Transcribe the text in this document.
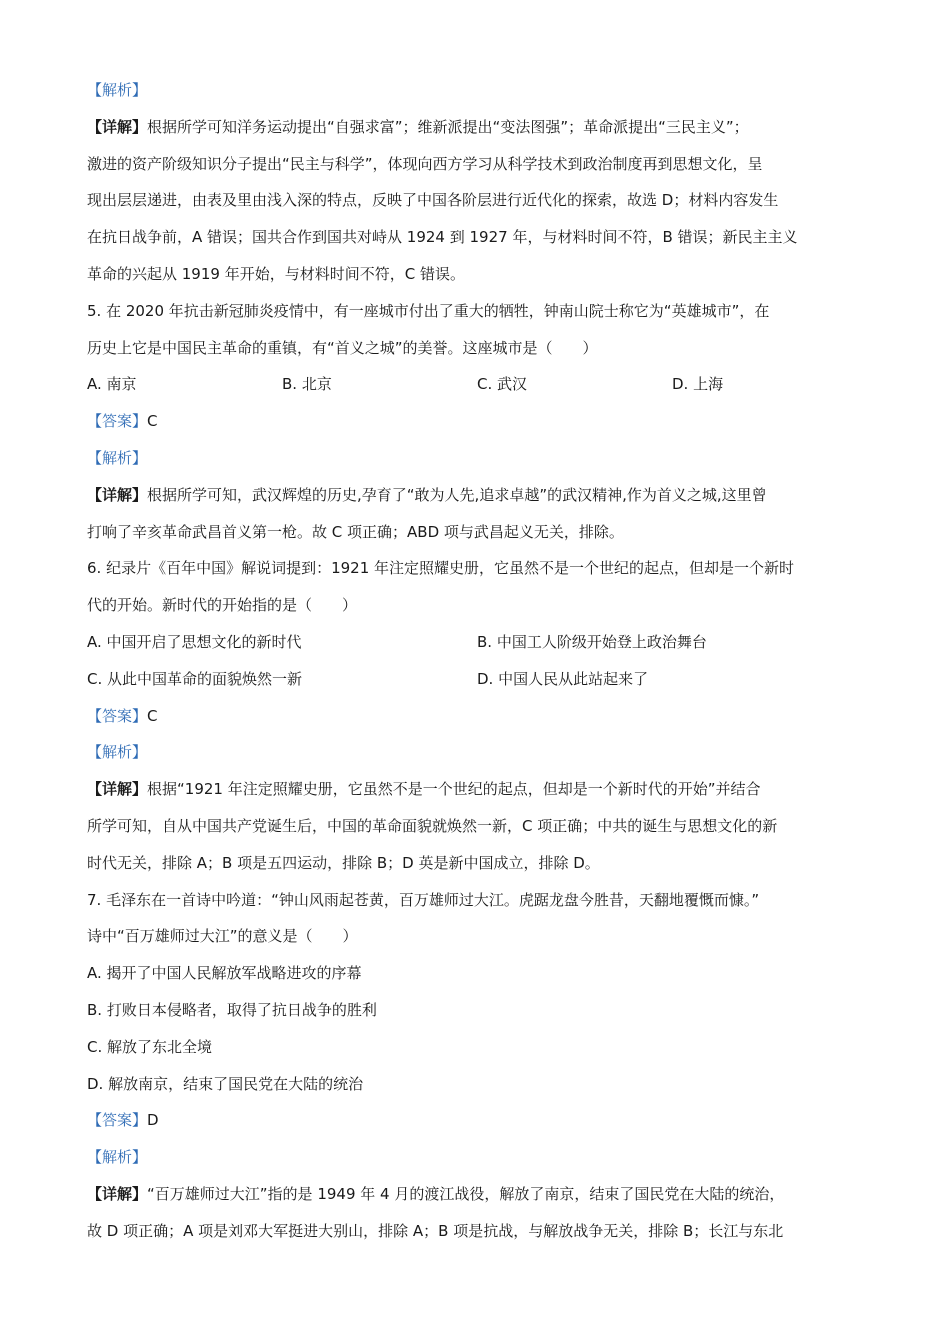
【解析】
【详解】根据所学可知洋务运动提出“自强求富”；维新派提出“变法图强”；革命派提出“三民主义”；
激进的资产阶级知识分子提出“民主与科学”，体现向西方学习从科学技术到政治制度再到思想文化，呈
现出层层递进，由表及里由浅入深的特点，反映了中国各阶层进行近代化的探索，故选 D；材料内容发生
在抗日战争前，A 错误；国共合作到国共对峙从 1924 到 1927 年，与材料时间不符，B 错误；新民主主义
革命的兴起从 1919 年开始，与材料时间不符，C 错误。
5. 在 2020 年抗击新冠肺炎疫情中，有一座城市付出了重大的牺牲，钟南山院士称它为“英雄城市”，在
历史上它是中国民主革命的重镇，有“首义之城”的美誉。这座城市是（　　）
A. 南京	B. 北京	C. 武汉	D. 上海
【答案】C
【解析】
【详解】根据所学可知，武汉辉煌的历史,孕育了“敢为人先,追求卓越”的武汉精神,作为首义之城,这里曾
打响了辛亥革命武昌首义第一枪。故 C 项正确；ABD 项与武昌起义无关，排除。
6. 纪录片《百年中国》解说词提到：1921 年注定照耀史册，它虽然不是一个世纪的起点，但却是一个新时
代的开始。新时代的开始指的是（　　）
A. 中国开启了思想文化的新时代	B. 中国工人阶级开始登上政治舞台
C. 从此中国革命的面貌焕然一新	D. 中国人民从此站起来了
【答案】C
【解析】
【详解】根据“1921 年注定照耀史册，它虽然不是一个世纪的起点，但却是一个新时代的开始”并结合
所学可知，自从中国共产党诞生后，中国的革命面貌就焕然一新，C 项正确；中共的诞生与思想文化的新
时代无关，排除 A；B 项是五四运动，排除 B；D 英是新中国成立，排除 D。
7. 毛泽东在一首诗中吟道：“钟山风雨起苍黄，百万雄师过大江。虎踞龙盘今胜昔，天翻地覆慨而慷。”
诗中“百万雄师过大江”的意义是（　　）
A. 揭开了中国人民解放军战略进攻的序幕
B. 打败日本侵略者，取得了抗日战争的胜利
C. 解放了东北全境
D. 解放南京，结束了国民党在大陆的统治
【答案】D
【解析】
【详解】“百万雄师过大江”指的是 1949 年 4 月的渡江战役，解放了南京，结束了国民党在大陆的统治，
故 D 项正确；A 项是刘邓大军挺进大别山，排除 A；B 项是抗战，与解放战争无关，排除 B；长江与东北
